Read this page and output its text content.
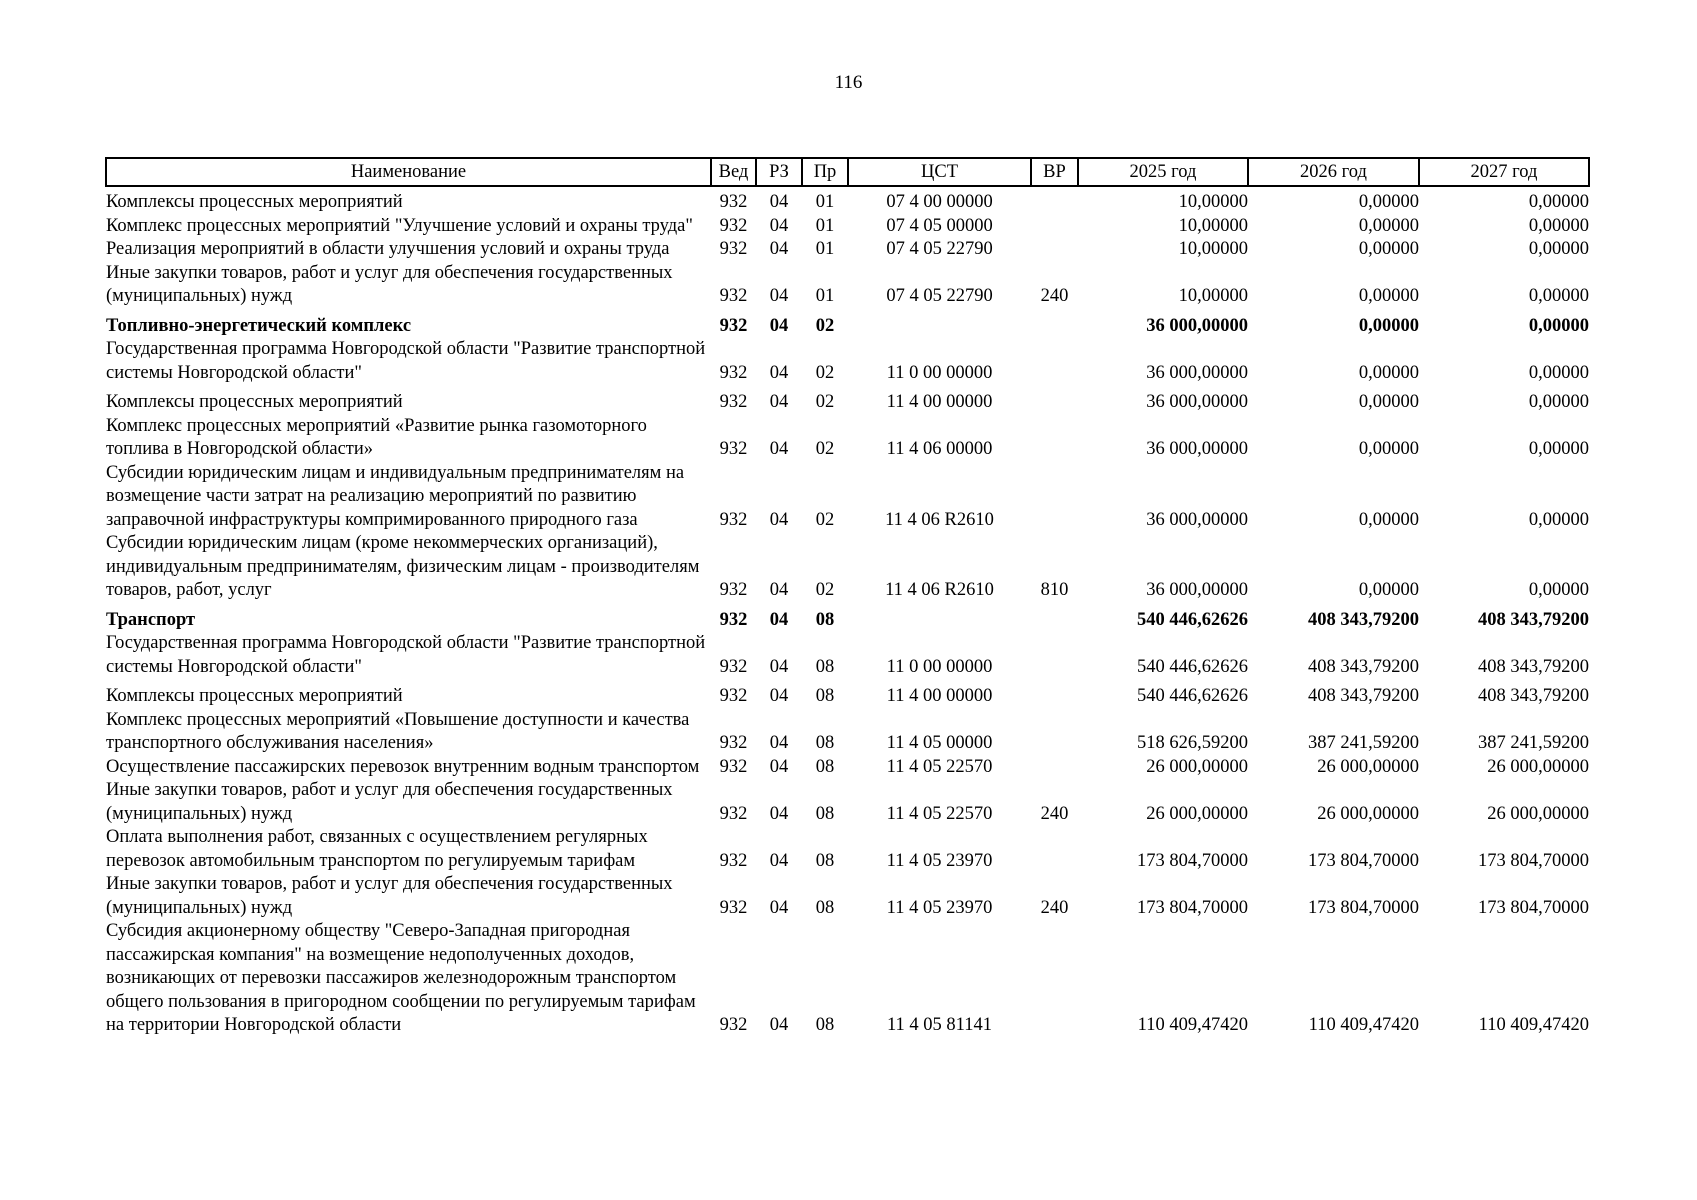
116
Наименование	Вед	РЗ	Пр	ЦСТ	ВР	2025 год	2026 год	2027 год
Комплексы процессных мероприятий	932	04	01	07 4 00 00000		10,00000	0,00000	0,00000
Комплекс процессных мероприятий "Улучшение условий и охраны труда"	932	04	01	07 4 05 00000		10,00000	0,00000	0,00000
Реализация мероприятий в области улучшения условий и охраны труда	932	04	01	07 4 05 22790		10,00000	0,00000	0,00000
Иные закупки товаров, работ и услуг для обеспечения государственных (муниципальных) нужд	932	04	01	07 4 05 22790	240	10,00000	0,00000	0,00000
Топливно-энергетический комплекс	932	04	02			36 000,00000	0,00000	0,00000
Государственная программа Новгородской области "Развитие транспортной системы Новгородской области"	932	04	02	11 0 00 00000		36 000,00000	0,00000	0,00000
Комплексы процессных мероприятий	932	04	02	11 4 00 00000		36 000,00000	0,00000	0,00000
Комплекс процессных мероприятий «Развитие рынка газомоторного топлива в Новгородской области»	932	04	02	11 4 06 00000		36 000,00000	0,00000	0,00000
Субсидии юридическим лицам и индивидуальным предпринимателям на возмещение части затрат на реализацию мероприятий по развитию заправочной инфраструктуры компримированного природного газа	932	04	02	11 4 06 R2610		36 000,00000	0,00000	0,00000
Субсидии юридическим лицам (кроме некоммерческих организаций), индивидуальным предпринимателям, физическим лицам - производителям товаров, работ, услуг	932	04	02	11 4 06 R2610	810	36 000,00000	0,00000	0,00000
Транспорт	932	04	08			540 446,62626	408 343,79200	408 343,79200
Государственная программа Новгородской области "Развитие транспортной системы Новгородской области"	932	04	08	11 0 00 00000		540 446,62626	408 343,79200	408 343,79200
Комплексы процессных мероприятий	932	04	08	11 4 00 00000		540 446,62626	408 343,79200	408 343,79200
Комплекс процессных мероприятий «Повышение доступности и качества транспортного обслуживания населения»	932	04	08	11 4 05 00000		518 626,59200	387 241,59200	387 241,59200
Осуществление пассажирских перевозок внутренним водным транспортом	932	04	08	11 4 05 22570		26 000,00000	26 000,00000	26 000,00000
Иные закупки товаров, работ и услуг для обеспечения государственных (муниципальных) нужд	932	04	08	11 4 05 22570	240	26 000,00000	26 000,00000	26 000,00000
Оплата выполнения работ, связанных с осуществлением регулярных перевозок автомобильным транспортом по регулируемым тарифам	932	04	08	11 4 05 23970		173 804,70000	173 804,70000	173 804,70000
Иные закупки товаров, работ и услуг для обеспечения государственных (муниципальных) нужд	932	04	08	11 4 05 23970	240	173 804,70000	173 804,70000	173 804,70000
Субсидия акционерному обществу "Северо-Западная пригородная пассажирская компания" на возмещение недополученных доходов, возникающих от перевозки пассажиров железнодорожным транспортом общего пользования в пригородном сообщении по регулируемым тарифам на территории Новгородской области	932	04	08	11 4 05 81141		110 409,47420	110 409,47420	110 409,47420
